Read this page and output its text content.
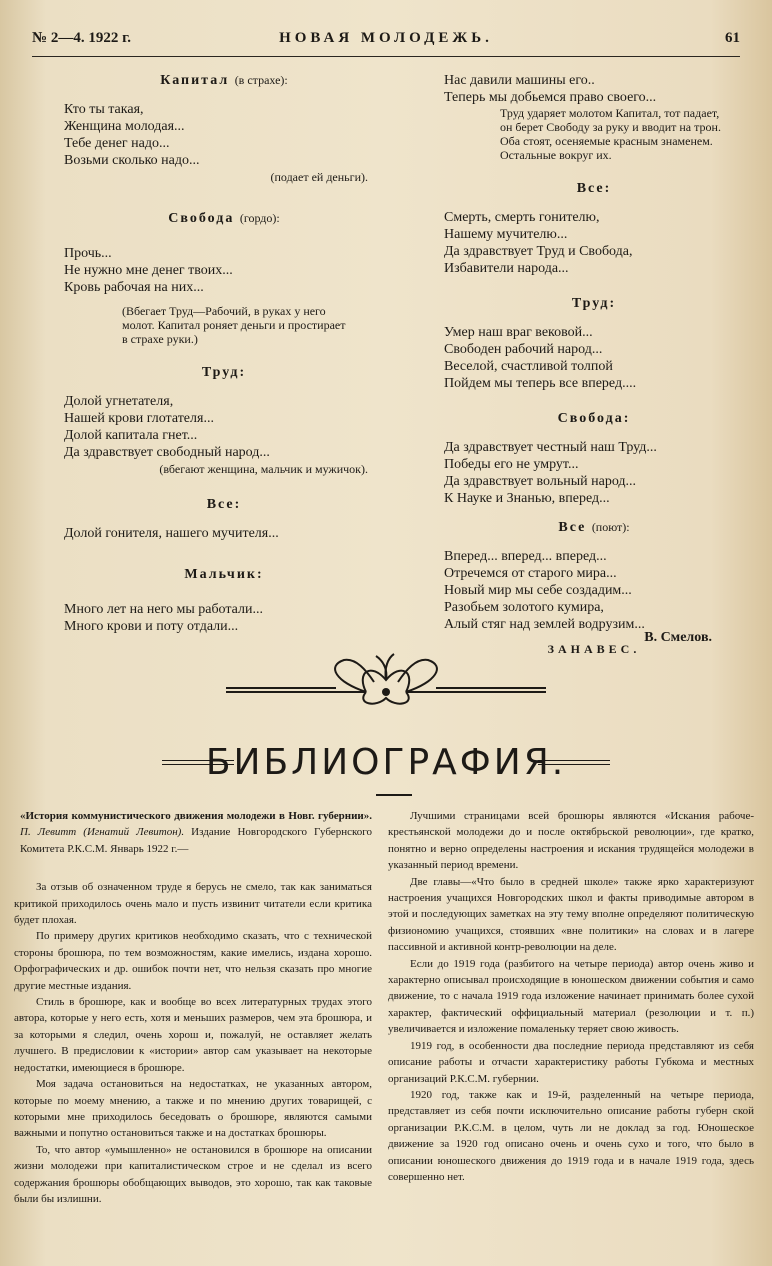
№ 2—4. 1922 г.	НОВАЯ МОЛОДЕЖЬ.	61
Капитал (в страхе):
Кто ты такая,
Женщина молодая...
Тебе денег надо...
Возьми сколько надо...
(подает ей деньги).
Свобода (гордо):
Прочь...
Не нужно мне денег твоих...
Кровь рабочая на них...
(Вбегает Труд—Рабочий, в руках у него
молот. Капитал роняет деньги и простирает
в страхе руки.)
Труд:
Долой угнетателя,
Нашей крови глотателя...
Долой капитала гнет...
Да здравствует свободный народ...
(вбегают женщина, мальчик и мужичок).
Все:
Долой гонителя, нашего мучителя...
Мальчик:
Много лет на него мы работали...
Много крови и поту отдали...
Нас давили машины его..
Теперь мы добьемся право своего...
Труд ударяет молотом Капитал, тот падает,
он берет Свободу за руку и вводит на трон.
Оба стоят, осеняемые красным знаменем.
Остальные вокруг их.
Все:
Смерть, смерть гонителю,
Нашему мучителю...
Да здравствует Труд и Свобода,
Избавители народа...
Труд:
Умер наш враг вековой...
Свободен рабочий народ...
Веселой, счастливой толпой
Пойдем мы теперь все вперед....
Свобода:
Да здравствует честный наш Труд...
Победы его не умрут...
Да здравствует вольный народ...
К Науке и Знанью, вперед...
Все (поют):
Вперед... вперед... вперед...
Отречемся от старого мира...
Новый мир мы себе создадим...
Разобьем золотого кумира,
Алый стяг над землей водрузим...
ЗАНАВЕС.
В. Смелов.
БИБЛИОГРАФИЯ.

«История коммунистического движения молодежи в Новг. губернии». П. Левитт (Игнатий Левитон). Издание Новгородского Губернского Комитета Р.К.С.М. Январь 1922 г.—

За отзыв об означенном труде я берусь не смело, так как заниматься критикой приходилось очень мало и пусть извинит читатели если критика будет плохая.

По примеру других критиков необходимо сказать, что с технической стороны брошюра, по тем возможностям, какие имелись, издана хорошо. Орфографических и др. ошибок почти нет, что нельзя сказать про многие другие местные издания.

Стиль в брошюре, как и вообще во всех литературных трудах этого автора, которые у него есть, хотя и меньших размеров, чем эта брошюра, и за которыми я следил, очень хорош и, пожалуй, не оставляет желать лучшего. В предисловии к «истории» автор сам указывает на некоторые недостатки, имеющиеся в брошюре.

Моя задача остановиться на недостатках, не указанных автором, которые по моему мнению, а также и по мнению других товарищей, с которыми мне приходилось беседовать о брошюре, являются самыми важными и попутно остановиться также и на достатках брошюры.

То, что автор «умышленно» не остановился в брошюре на описании жизни молодежи при капиталистическом строе и не сделал из всего содержания брошюры обобщающих выводов, это хорошо, так как таковые были бы излишни.

Лучшими страницами всей брошюры являются «Искания рабоче-крестьянской молодежи до и после октябрьской революции», где кратко, понятно и верно определены настроения и искания трудящейся молодежи в указанный период времени.

Две главы—«Что было в средней школе» также ярко характеризуют настроения учащихся Новгородских школ и факты приводимые автором в этой и последующих заметках на эту тему вполне определяют политическую физиономию учащихся, стоявших «вне политики» на словах и в лагере пассивной и активной контр-революции на деле.

Если до 1919 года (разбитого на четыре периода) автор очень живо и характерно описывал происходящие в юношеском движении события и само движение, то с начала 1919 года изложение начинает принимать более сухой характер, фактический оффициальный материал (резолюции и т. п.) увеличивается и изложение помаленьку теряет свою живость.

1919 год, в особенности два последние периода представляют из себя описание работы и отчасти характеристику работы Губкома и местных организаций Р.К.С.М. губернии.

1920 год, также как и 19-й, разделенный на четыре периода, представляет из себя почти исключительно описание работы губерн ской организации Р.К.С.М. в целом, чуть ли не доклад за год. Юношеское движение за 1920 год описано очень и очень сухо и того, что было в описании юношеского движения до 1919 года и в начале 1919 года, здесь совершенно нет.
